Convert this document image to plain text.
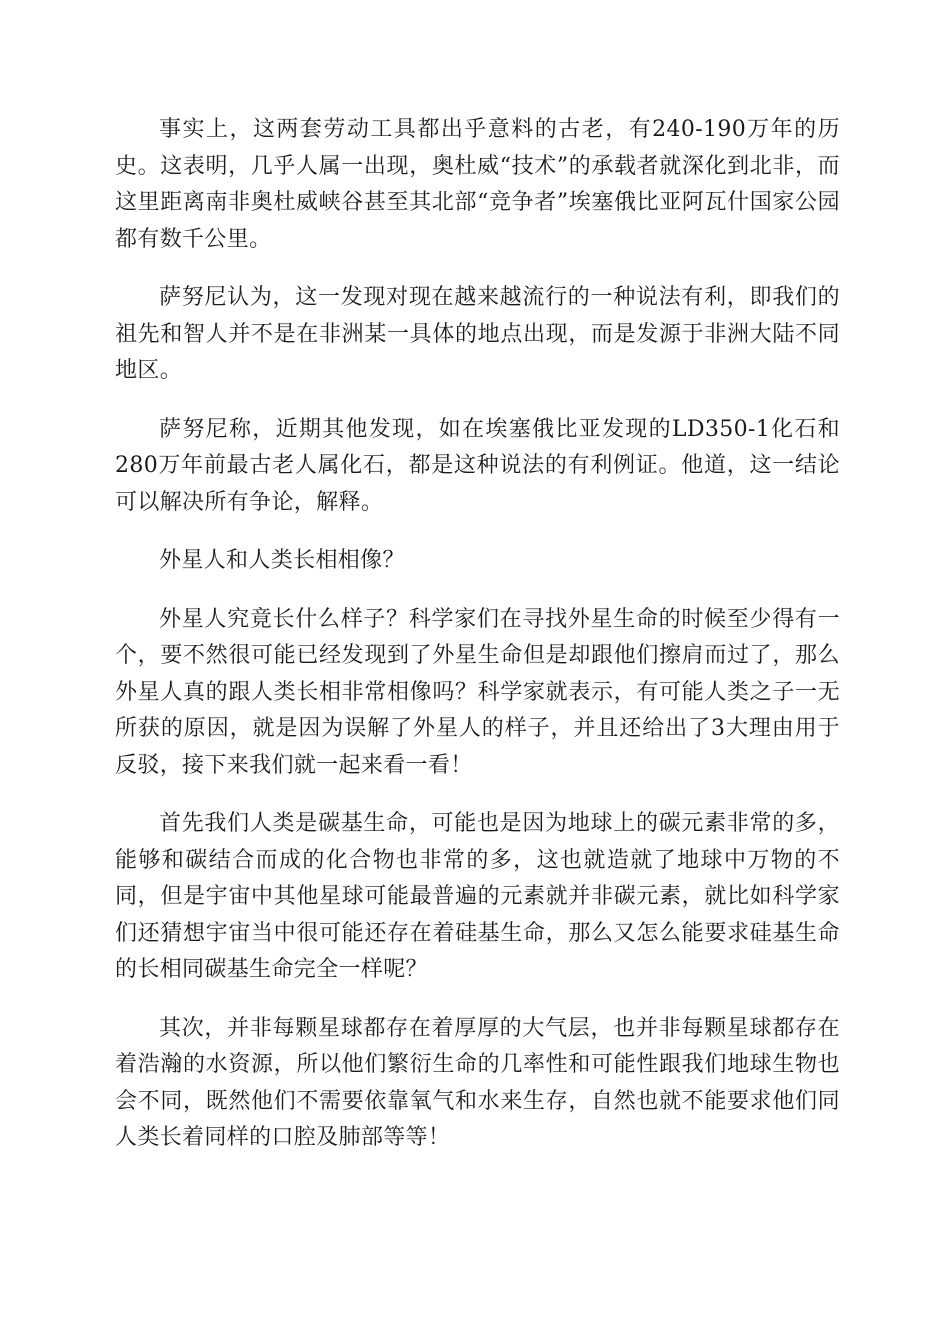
事实上，这两套劳动工具都出乎意料的古老，有240-190万年的历史。这表明，几乎人属一出现，奥杜威“技术”的承载者就深化到北非，而这里距离南非奥杜威峡谷甚至其北部“竞争者”埃塞俄比亚阿瓦什国家公园都有数千公里。

萨努尼认为，这一发现对现在越来越流行的一种说法有利，即我们的祖先和智人并不是在非洲某一具体的地点出现，而是发源于非洲大陆不同地区。

萨努尼称，近期其他发现，如在埃塞俄比亚发现的LD350-1化石和280万年前最古老人属化石，都是这种说法的有利例证。他道，这一结论可以解决所有争论，解释。

外星人和人类长相相像？

外星人究竟长什么样子？科学家们在寻找外星生命的时候至少得有一个，要不然很可能已经发现到了外星生命但是却跟他们擦肩而过了，那么外星人真的跟人类长相非常相像吗？科学家就表示，有可能人类之子一无所获的原因，就是因为误解了外星人的样子，并且还给出了3大理由用于反驳，接下来我们就一起来看一看！

首先我们人类是碳基生命，可能也是因为地球上的碳元素非常的多，能够和碳结合而成的化合物也非常的多，这也就造就了地球中万物的不同，但是宇宙中其他星球可能最普遍的元素就并非碳元素，就比如科学家们还猜想宇宙当中很可能还存在着硅基生命，那么又怎么能要求硅基生命的长相同碳基生命完全一样呢？

其次，并非每颗星球都存在着厚厚的大气层，也并非每颗星球都存在着浩瀚的水资源，所以他们繁衍生命的几率性和可能性跟我们地球生物也会不同，既然他们不需要依靠氧气和水来生存，自然也就不能要求他们同人类长着同样的口腔及肺部等等！
